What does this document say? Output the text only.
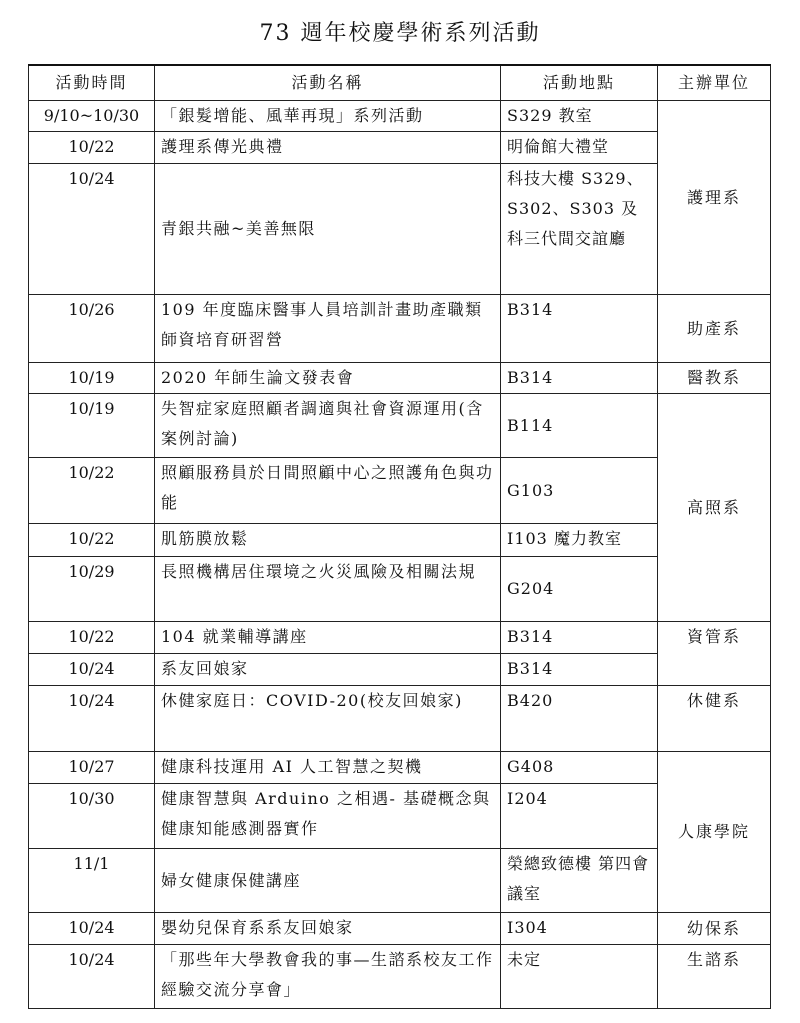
73 週年校慶學術系列活動
活動時間	活動名稱	活動地點	主辦單位
9/10~10/30	「銀髮增能、風華再現」系列活動	S329 教室	護理系
10/22	護理系傳光典禮	明倫館大禮堂	
10/24	青銀共融~美善無限	科技大樓 S329、S302、S303 及科三代間交誼廳	
10/26	109 年度臨床醫事人員培訓計畫助產職類師資培育研習營	B314	助產系
10/19	2020 年師生論文發表會	B314	醫教系
10/19	失智症家庭照顧者調適與社會資源運用(含案例討論)	B114	高照系
10/22	照顧服務員於日間照顧中心之照護角色與功能	G103	
10/22	肌筋膜放鬆	I103 魔力教室	
10/29	長照機構居住環境之火災風險及相關法規	G204	
10/22	104 就業輔導講座	B314	資管系
10/24	系友回娘家	B314	
10/24	休健家庭日：COVID-20(校友回娘家)	B420	休健系
10/27	健康科技運用 AI 人工智慧之契機	G408	人康學院
10/30	健康智慧與 Arduino 之相遇- 基礎概念與健康知能感測器實作	I204	
11/1	婦女健康保健講座	榮總致德樓 第四會議室	
10/24	嬰幼兒保育系系友回娘家	I304	幼保系
10/24	「那些年大學教會我的事—生諮系校友工作經驗交流分享會」	未定	生諮系
